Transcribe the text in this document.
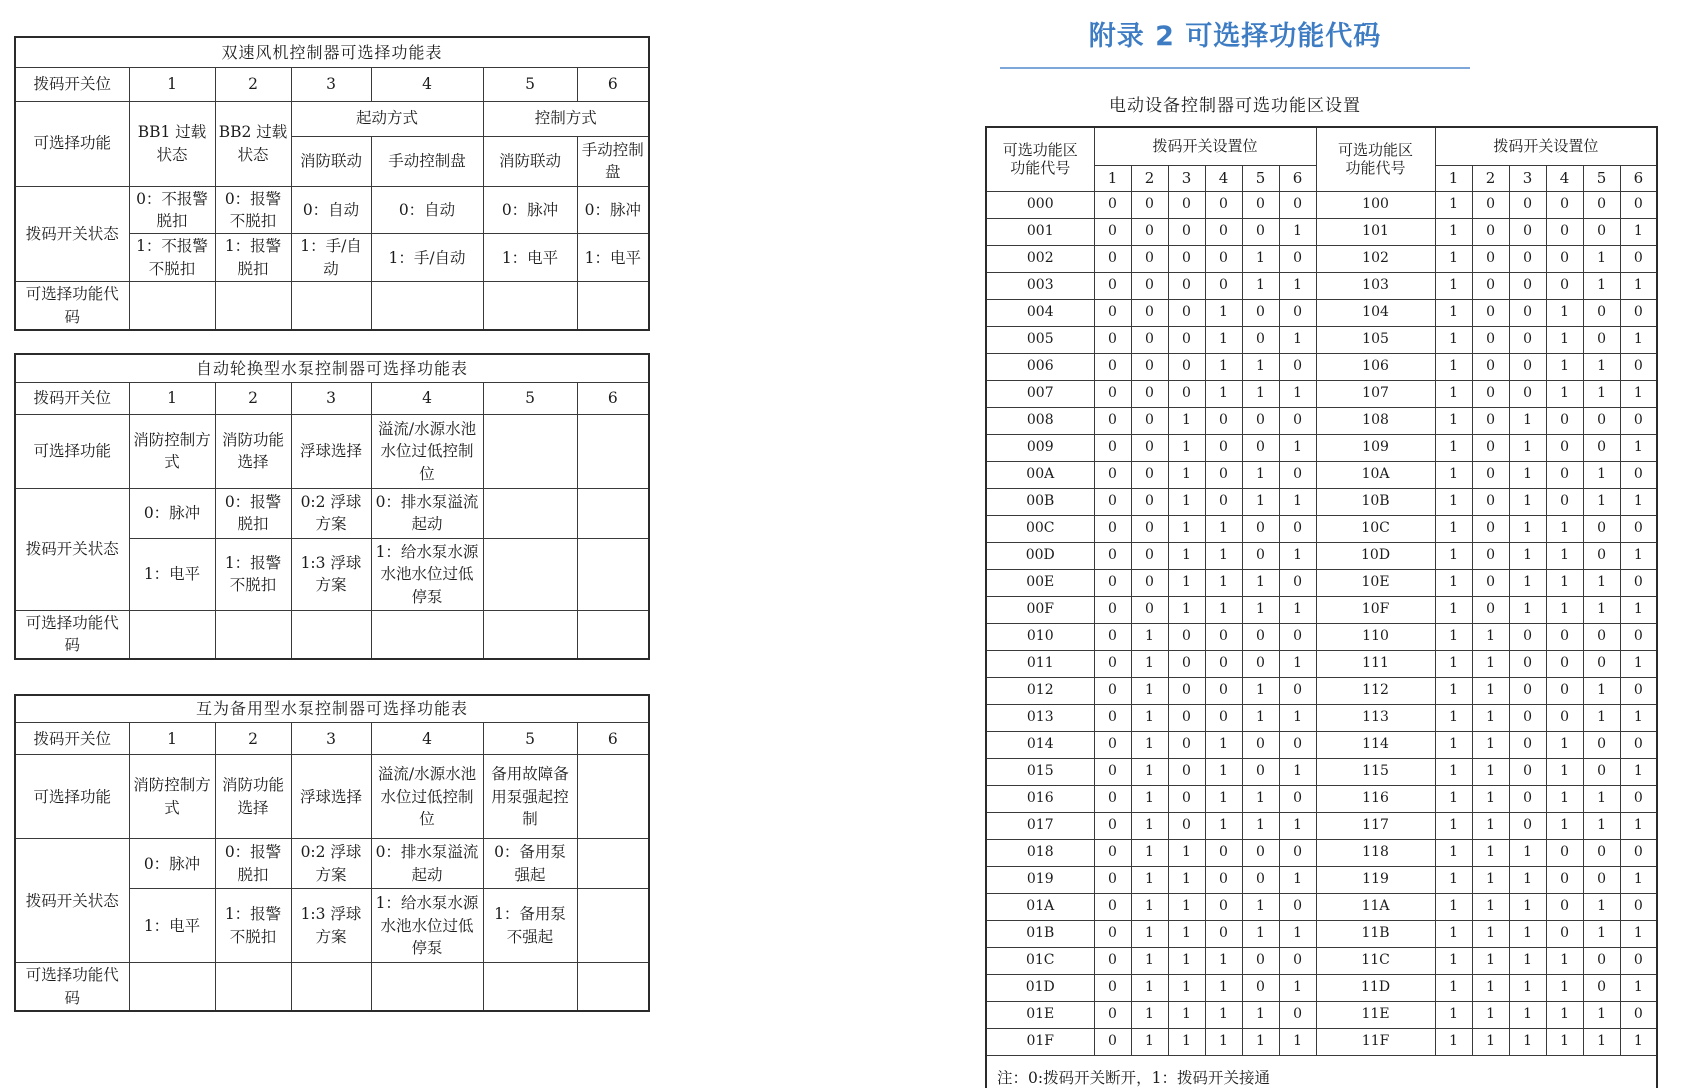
双速风机控制器可选择功能表						
拨码开关位	1	2	3	4	5	6
可选择功能	BB1 过载状态	BB2 过载状态	起动方式		控制方式	
			消防联动	手动控制盘	消防联动	手动控制盘
拨码开关状态	0：不报警脱扣	0：报警不脱扣	0：自动	0：自动	0：脉冲	0：脉冲
	1：不报警不脱扣	1：报警脱扣	1：手/自动	1：手/自动	1：电平	1：电平
可选择功能代码						
自动轮换型水泵控制器可选择功能表						
拨码开关位	1	2	3	4	5	6
可选择功能	消防控制方式	消防功能选择	浮球选择	溢流/水源水池水位过低控制位		
拨码开关状态	0：脉冲	0：报警脱扣	0:2 浮球方案	0：排水泵溢流起动		
	1：电平	1：报警不脱扣	1:3 浮球方案	1：给水泵水源水池水位过低停泵		
可选择功能代码						
互为备用型水泵控制器可选择功能表						
拨码开关位	1	2	3	4	5	6
可选择功能	消防控制方式	消防功能选择	浮球选择	溢流/水源水池水位过低控制位	备用故障备用泵强起控制	
拨码开关状态	0：脉冲	0：报警脱扣	0:2 浮球方案	0：排水泵溢流起动	0：备用泵强起	
	1：电平	1：报警不脱扣	1:3 浮球方案	1：给水泵水源水池水位过低停泵	1：备用泵不强起	
可选择功能代码						
附录 2 可选择功能代码
电动设备控制器可选功能区设置
可选功能区
功能代号
	拨码开关设置位	可选功能区
功能代号
	拨码开关设置位
	1	2	3	4	5	6		1	2	3	4	5	6
000	0	0	0	0	0	0	100	1	0	0	0	0	0
001	0	0	0	0	0	1	101	1	0	0	0	0	1
002	0	0	0	0	1	0	102	1	0	0	0	1	0
003	0	0	0	0	1	1	103	1	0	0	0	1	1
004	0	0	0	1	0	0	104	1	0	0	1	0	0
005	0	0	0	1	0	1	105	1	0	0	1	0	1
006	0	0	0	1	1	0	106	1	0	0	1	1	0
007	0	0	0	1	1	1	107	1	0	0	1	1	1
008	0	0	1	0	0	0	108	1	0	1	0	0	0
009	0	0	1	0	0	1	109	1	0	1	0	0	1
00A	0	0	1	0	1	0	10A	1	0	1	0	1	0
00B	0	0	1	0	1	1	10B	1	0	1	0	1	1
00C	0	0	1	1	0	0	10C	1	0	1	1	0	0
00D	0	0	1	1	0	1	10D	1	0	1	1	0	1
00E	0	0	1	1	1	0	10E	1	0	1	1	1	0
00F	0	0	1	1	1	1	10F	1	0	1	1	1	1
010	0	1	0	0	0	0	110	1	1	0	0	0	0
011	0	1	0	0	0	1	111	1	1	0	0	0	1
012	0	1	0	0	1	0	112	1	1	0	0	1	0
013	0	1	0	0	1	1	113	1	1	0	0	1	1
014	0	1	0	1	0	0	114	1	1	0	1	0	0
015	0	1	0	1	0	1	115	1	1	0	1	0	1
016	0	1	0	1	1	0	116	1	1	0	1	1	0
017	0	1	0	1	1	1	117	1	1	0	1	1	1
018	0	1	1	0	0	0	118	1	1	1	0	0	0
019	0	1	1	0	0	1	119	1	1	1	0	0	1
01A	0	1	1	0	1	0	11A	1	1	1	0	1	0
01B	0	1	1	0	1	1	11B	1	1	1	0	1	1
01C	0	1	1	1	0	0	11C	1	1	1	1	0	0
01D	0	1	1	1	0	1	11D	1	1	1	1	0	1
01E	0	1	1	1	1	0	11E	1	1	1	1	1	0
01F	0	1	1	1	1	1	11F	1	1	1	1	1	1
注：0:拨码开关断开，1：拨码开关接通													
